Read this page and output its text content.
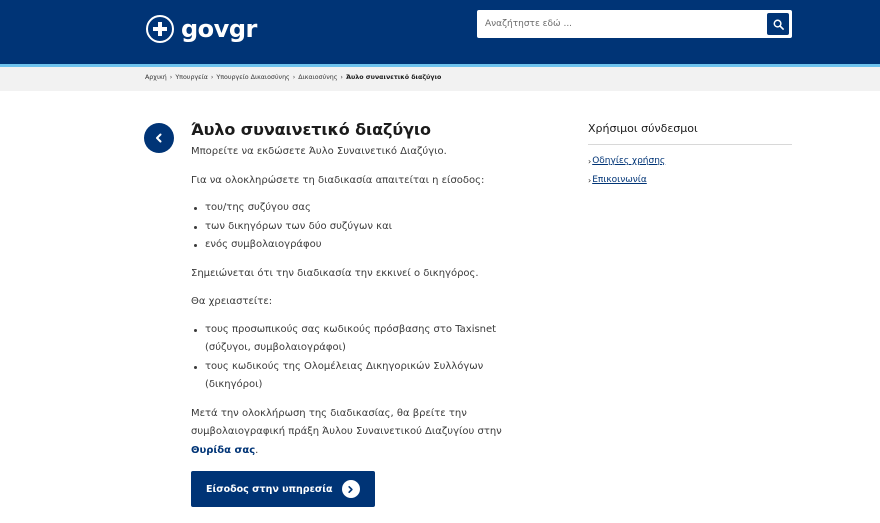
govgr
Αναζήτηστε εδώ ...
Αρχική › Υπουργεία › Υπουργείο Δικαιοσύνης › Δικαιοσύνης › Άυλο συναινετικό διαζύγιο
Άυλο συναινετικό διαζύγιο

Μπορείτε να εκδώσετε Άυλο Συναινετικό Διαζύγιο.

Για να ολοκληρώσετε τη διαδικασία απαιτείται η είσοδος:

του/της συζύγου σας
των δικηγόρων των δύο συζύγων και
ενός συμβολαιογράφου

Σημειώνεται ότι την διαδικασία την εκκινεί ο δικηγόρος.

Θα χρειαστείτε:

τους προσωπικούς σας κωδικούς πρόσβασης στο Taxisnet (σύζυγοι, συμβολαιογράφοι)
τους κωδικούς της Ολομέλειας Δικηγορικών Συλλόγων (δικηγόροι)

Μετά την ολοκλήρωση της διαδικασίας, θα βρείτε την συμβολαιογραφική πράξη Άυλου Συναινετικού Διαζυγίου στην Θυρίδα σας.

Είσοδος στην υπηρεσία
Χρήσιμοι σύνδεσμοι
› Οδηγίες χρήσης
› Επικοινωνία
